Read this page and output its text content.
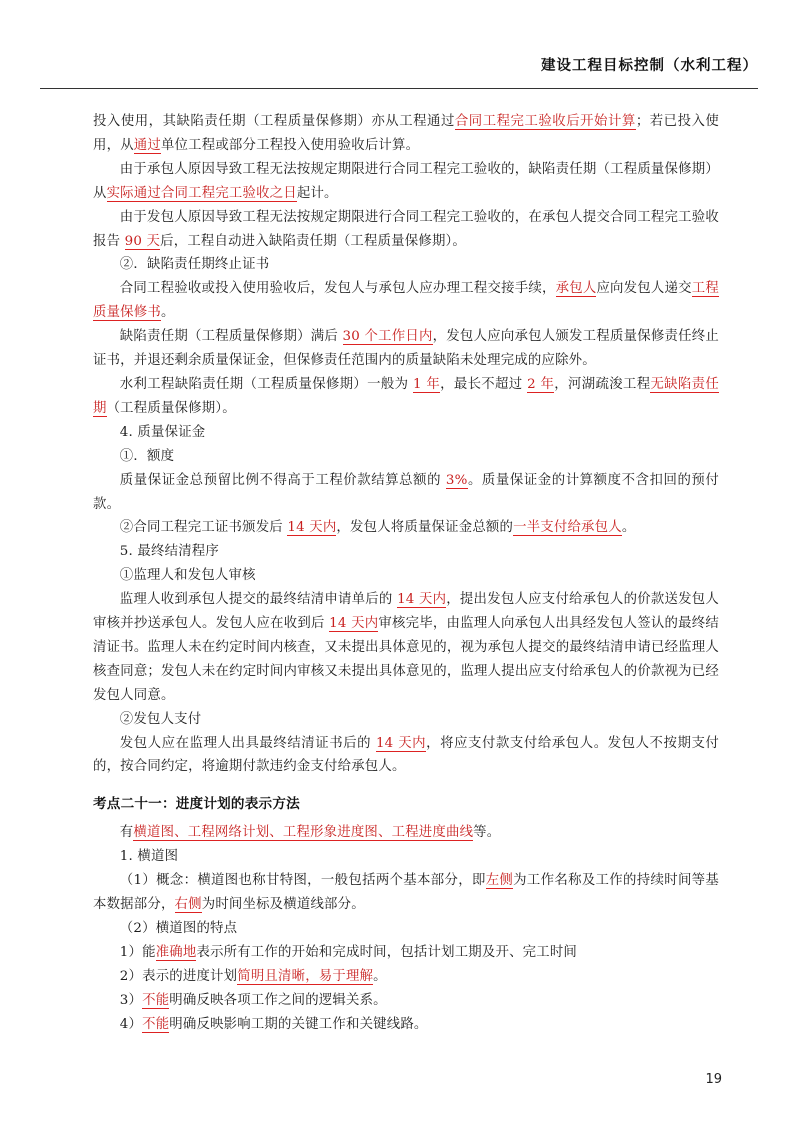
建设工程目标控制（水利工程）

投入使用，其缺陷责任期（工程质量保修期）亦从工程通过合同工程完工验收后开始计算；若已投入使用，从通过单位工程或部分工程投入使用验收后计算。

由于承包人原因导致工程无法按规定期限进行合同工程完工验收的，缺陷责任期（工程质量保修期）从实际通过合同工程完工验收之日起计。

由于发包人原因导致工程无法按规定期限进行合同工程完工验收的，在承包人提交合同工程完工验收报告 90 天后，工程自动进入缺陷责任期（工程质量保修期）。

②．缺陷责任期终止证书

合同工程验收或投入使用验收后，发包人与承包人应办理工程交接手续，承包人应向发包人递交工程质量保修书。

缺陷责任期（工程质量保修期）满后 30 个工作日内，发包人应向承包人颁发工程质量保修责任终止证书，并退还剩余质量保证金，但保修责任范围内的质量缺陷未处理完成的应除外。

水利工程缺陷责任期（工程质量保修期）一般为 1 年，最长不超过 2 年，河湖疏浚工程无缺陷责任期（工程质量保修期）。

4. 质量保证金

①．额度

质量保证金总预留比例不得高于工程价款结算总额的 3%。质量保证金的计算额度不含扣回的预付款。

②合同工程完工证书颁发后 14 天内，发包人将质量保证金总额的一半支付给承包人。

5. 最终结清程序

①监理人和发包人审核

监理人收到承包人提交的最终结清申请单后的 14 天内，提出发包人应支付给承包人的价款送发包人审核并抄送承包人。发包人应在收到后 14 天内审核完毕，由监理人向承包人出具经发包人签认的最终结清证书。监理人未在约定时间内核查，又未提出具体意见的，视为承包人提交的最终结清申请已经监理人核查同意；发包人未在约定时间内审核又未提出具体意见的，监理人提出应支付给承包人的价款视为已经发包人同意。

②发包人支付

发包人应在监理人出具最终结清证书后的 14 天内，将应支付款支付给承包人。发包人不按期支付的，按合同约定，将逾期付款违约金支付给承包人。

考点二十一：进度计划的表示方法

有横道图、工程网络计划、工程形象进度图、工程进度曲线等。

1. 横道图

（1）概念：横道图也称甘特图，一般包括两个基本部分，即左侧为工作名称及工作的持续时间等基本数据部分，右侧为时间坐标及横道线部分。

（2）横道图的特点

1）能准确地表示所有工作的开始和完成时间，包括计划工期及开、完工时间

2）表示的进度计划简明且清晰，易于理解。

3）不能明确反映各项工作之间的逻辑关系。

4）不能明确反映影响工期的关键工作和关键线路。

19
